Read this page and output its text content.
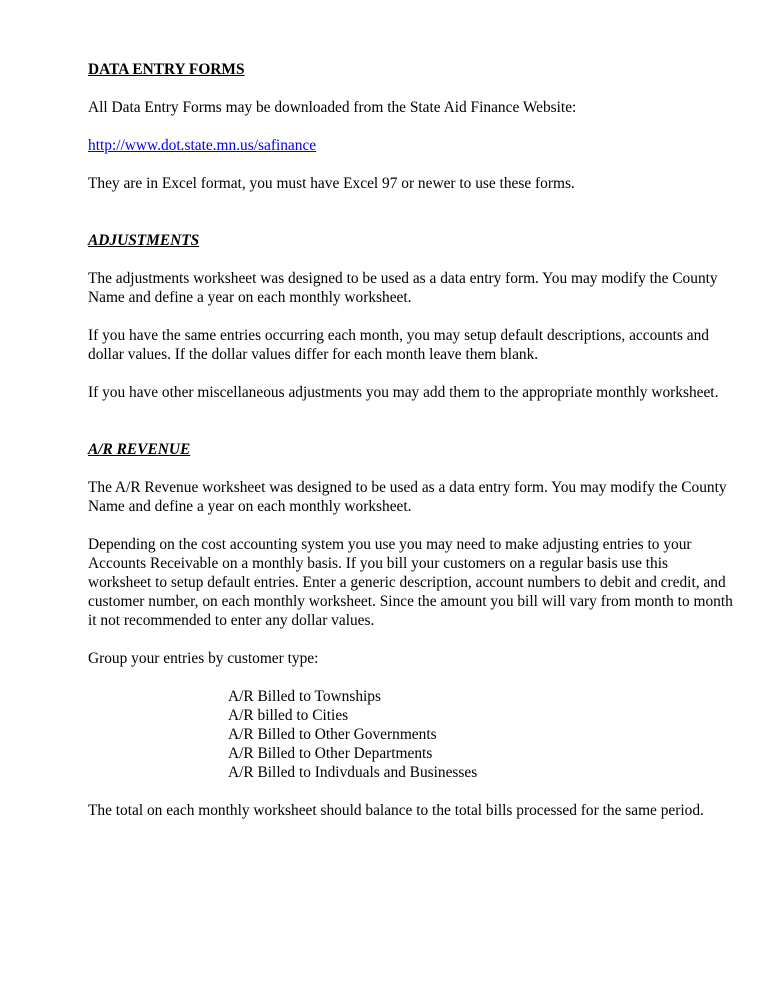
DATA ENTRY FORMS
All Data Entry Forms may be downloaded from the State Aid Finance Website:
http://www.dot.state.mn.us/safinance
They are in Excel format, you must have Excel 97 or newer to use these forms.
ADJUSTMENTS
The adjustments worksheet was designed to be used as a data entry form. You may modify the County Name and define a year on each monthly worksheet.
If you have the same entries occurring each month, you may setup default descriptions, accounts and dollar values. If the dollar values differ for each month leave them blank.
If you have other miscellaneous adjustments you may add them to the appropriate monthly worksheet.
A/R REVENUE
The A/R Revenue worksheet was designed to be used as a data entry form. You may modify the County Name and define a year on each monthly worksheet.
Depending on the cost accounting system you use you may need to make adjusting entries to your Accounts Receivable on a monthly basis. If you bill your customers on a regular basis use this worksheet to setup default entries. Enter a generic description, account numbers to debit and credit, and customer number, on each monthly worksheet. Since the amount you bill will vary from month to month it not recommended to enter any dollar values.
Group your entries by customer type:
A/R Billed to Townships
A/R billed to Cities
A/R Billed to Other Governments
A/R Billed to Other Departments
A/R Billed to Indivduals and Businesses
The total on each monthly worksheet should balance to the total bills processed for the same period.
